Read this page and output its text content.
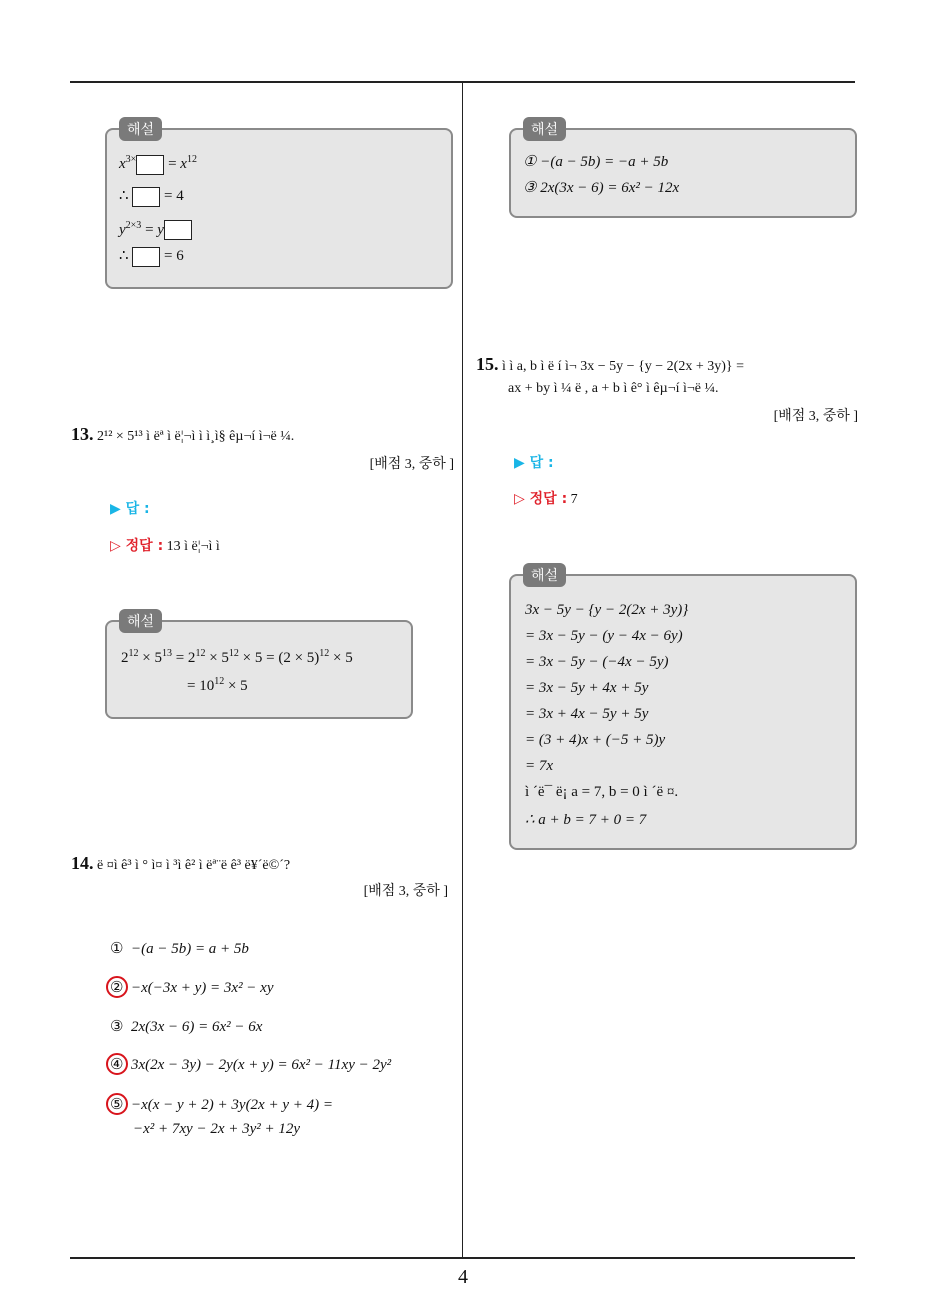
4
해설
$x^{3\times} = x^{12}$
∴  = 4
$y^{2\times 3} = y$
∴  = 6
13. 2¹² × 5¹³ ì ëª ì ë¦¬ì ì ì¸ì§ êµ¬í ì¬ë ¼.
[배점 3, 중하 ]
▶ 답 :
▷ 정답 : 13 ì ë¦¬ì ì
해설
$2^{12} \times 5^{13} = 2^{12} \times 5^{12} \times 5 = (2 \times 5)^{12} \times 5$
= $10^{12} \times 5$
14. ë ¤ì ê³ ì ° ì¤ ì ³ì ê² ì ëª¨ë ê³ ë¥´ë©´?
[배점 3, 중하 ]
① −(a − 5b) = a + 5b
② −x(−3x + y) = 3x² − xy
③ 2x(3x − 6) = 6x² − 6x
④ 3x(2x − 3y) − 2y(x + y) = 6x² − 11xy − 2y²
⑤ −x(x − y + 2) + 3y(2x + y + 4) =
−x² + 7xy − 2x + 3y² + 12y
해설
① −(a − 5b) = −a + 5b
③ 2x(3x − 6) = 6x² − 12x
15. ì ì a, b ì ë í ì¬ 3x − 5y − {y − 2(2x + 3y)} =
ax + by ì ¼ ë , a + b ì ê° ì êµ¬í ì¬ë ¼.
[배점 3, 중하 ]
▶ 답 :
▷ 정답 : 7
해설
3x − 5y − {y − 2(2x + 3y)}
= 3x − 5y − (y − 4x − 6y)
= 3x − 5y − (−4x − 5y)
= 3x − 5y + 4x + 5y
= 3x + 4x − 5y + 5y
= (3 + 4)x + (−5 + 5)y
= 7x
ì ´ë¯ ë¡ a = 7, b = 0 ì ´ë ¤.
∴ a + b = 7 + 0 = 7
